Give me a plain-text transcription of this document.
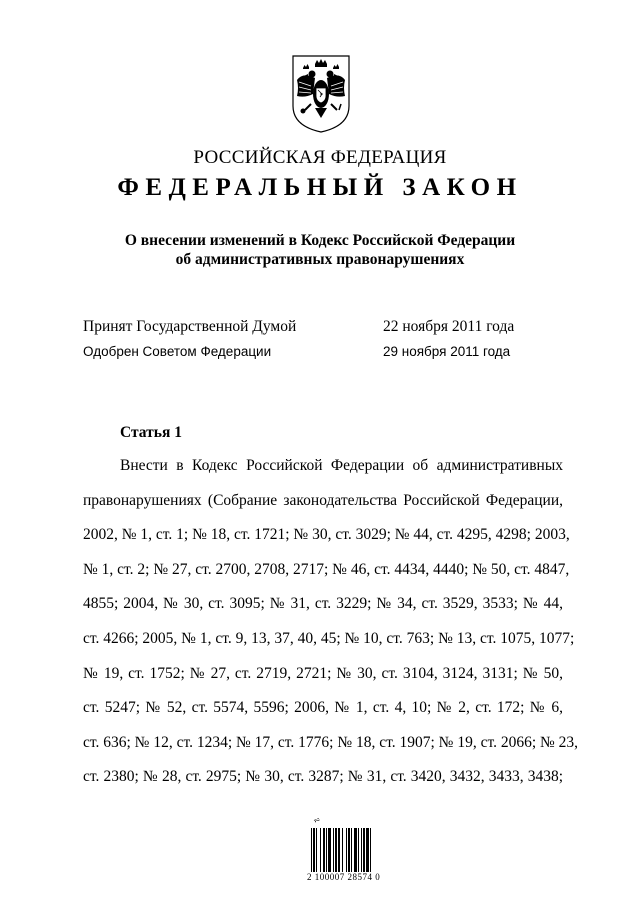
РОССИЙСКАЯ ФЕДЕРАЦИЯ
ФЕДЕРАЛЬНЫЙ ЗАКОН
О внесении изменений в Кодекс Российской Федерации
об административных правонарушениях
Принят Государственной Думой	22 ноября 2011 года
Одобрен Советом Федерации	29 ноября 2011 года
Статья 1
Внести в Кодекс Российской Федерации об административных
правонарушениях (Собрание законодательства Российской Федерации,
2002, № 1, ст. 1; № 18, ст. 1721; № 30, ст. 3029; № 44, ст. 4295, 4298; 2003,
№ 1, ст. 2; № 27, ст. 2700, 2708, 2717; № 46, ст. 4434, 4440; № 50, ст. 4847,
4855; 2004, № 30, ст. 3095; № 31, ст. 3229; № 34, ст. 3529, 3533; № 44,
ст. 4266; 2005, № 1, ст. 9, 13, 37, 40, 45; № 10, ст. 763; № 13, ст. 1075, 1077;
№ 19, ст. 1752; № 27, ст. 2719, 2721; № 30, ст. 3104, 3124, 3131; № 50,
ст. 5247; № 52, ст. 5574, 5596; 2006, № 1, ст. 4, 10; № 2, ст. 172; № 6,
ст. 636; № 12, ст. 1234; № 17, ст. 1776; № 18, ст. 1907; № 19, ст. 2066; № 23,
ст. 2380; № 28, ст. 2975; № 30, ст. 3287; № 31, ст. 3420, 3432, 3433, 3438;
⩫
2 100007 28574 0
